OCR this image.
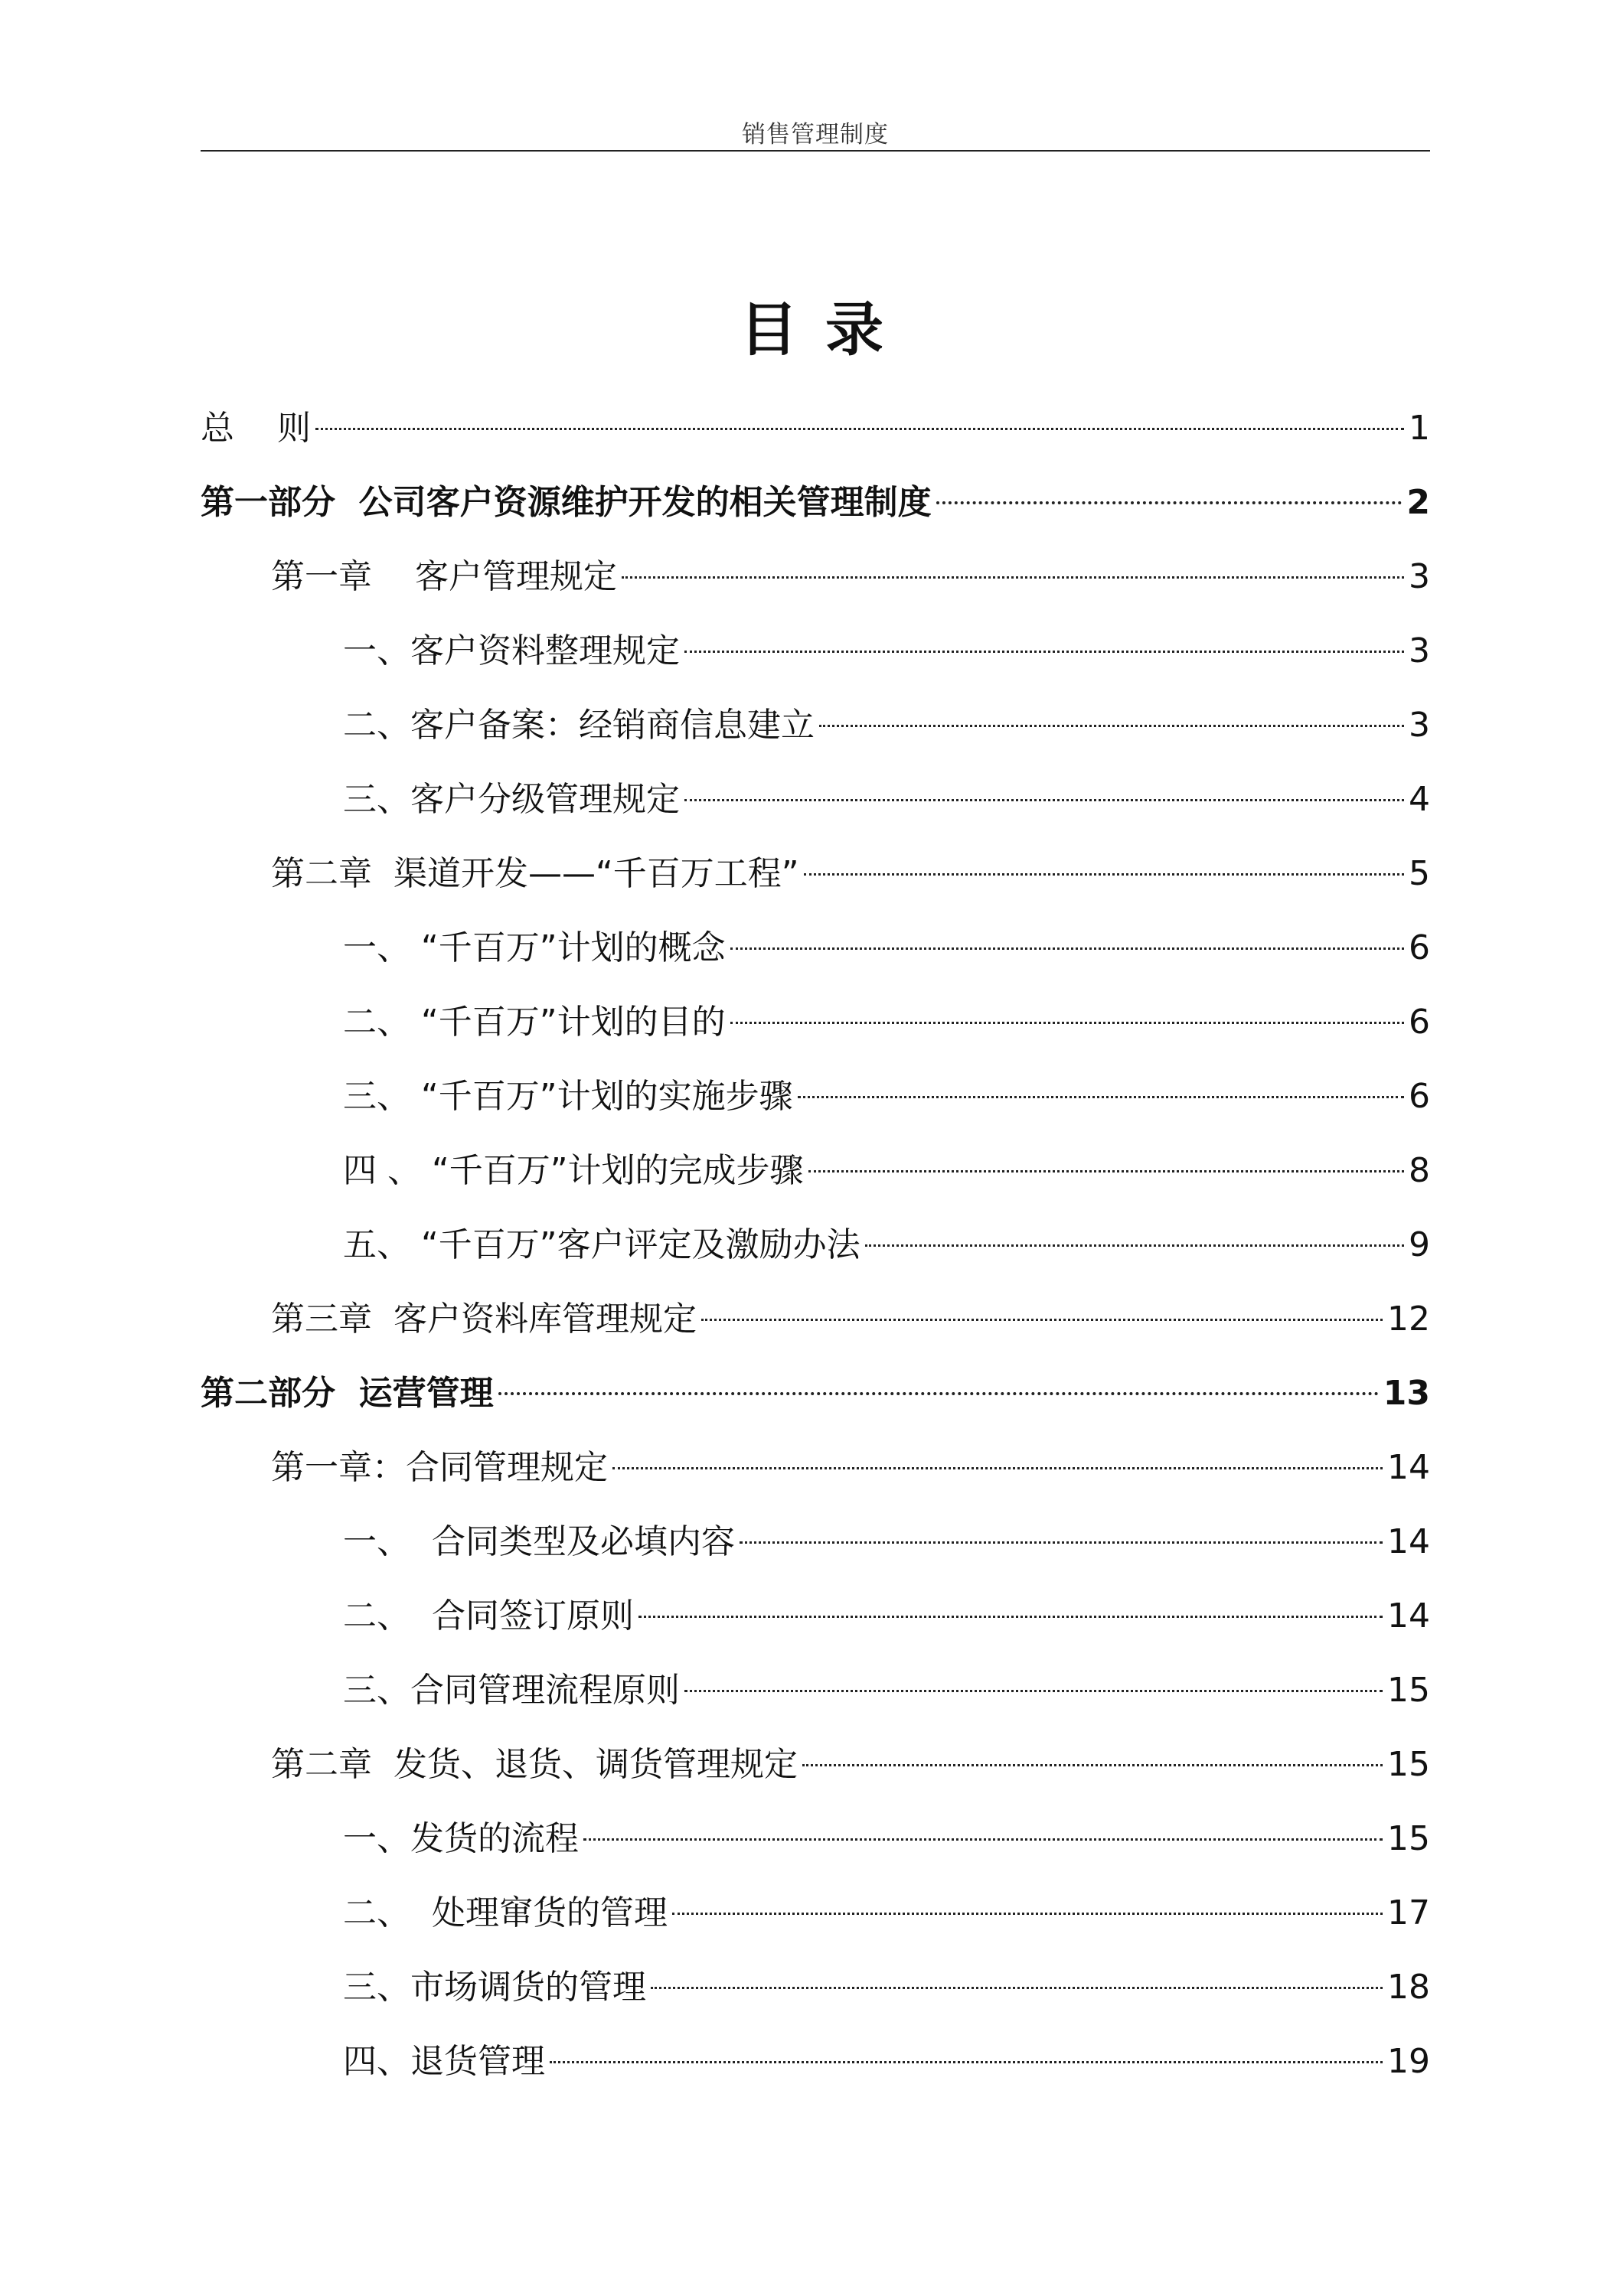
销售管理制度
目录
总    则	1
第一部分  公司客户资源维护开发的相关管理制度	2
第一章    客户管理规定	3
一、客户资料整理规定	3
二、客户备案：经销商信息建立	3
三、客户分级管理规定	4
第二章  渠道开发——“千百万工程”	5
一、 “千百万”计划的概念	6
二、 “千百万”计划的目的	6
三、 “千百万”计划的实施步骤	6
四 、 “千百万”计划的完成步骤	8
五、 “千百万”客户评定及激励办法	9
第三章  客户资料库管理规定	12
第二部分  运营管理	13
第一章：合同管理规定	14
一、  合同类型及必填内容	14
二、  合同签订原则	14
三、合同管理流程原则	15
第二章  发货、退货、调货管理规定	15
一、发货的流程	15
二、  处理窜货的管理	17
三、市场调货的管理	18
四、退货管理	19
